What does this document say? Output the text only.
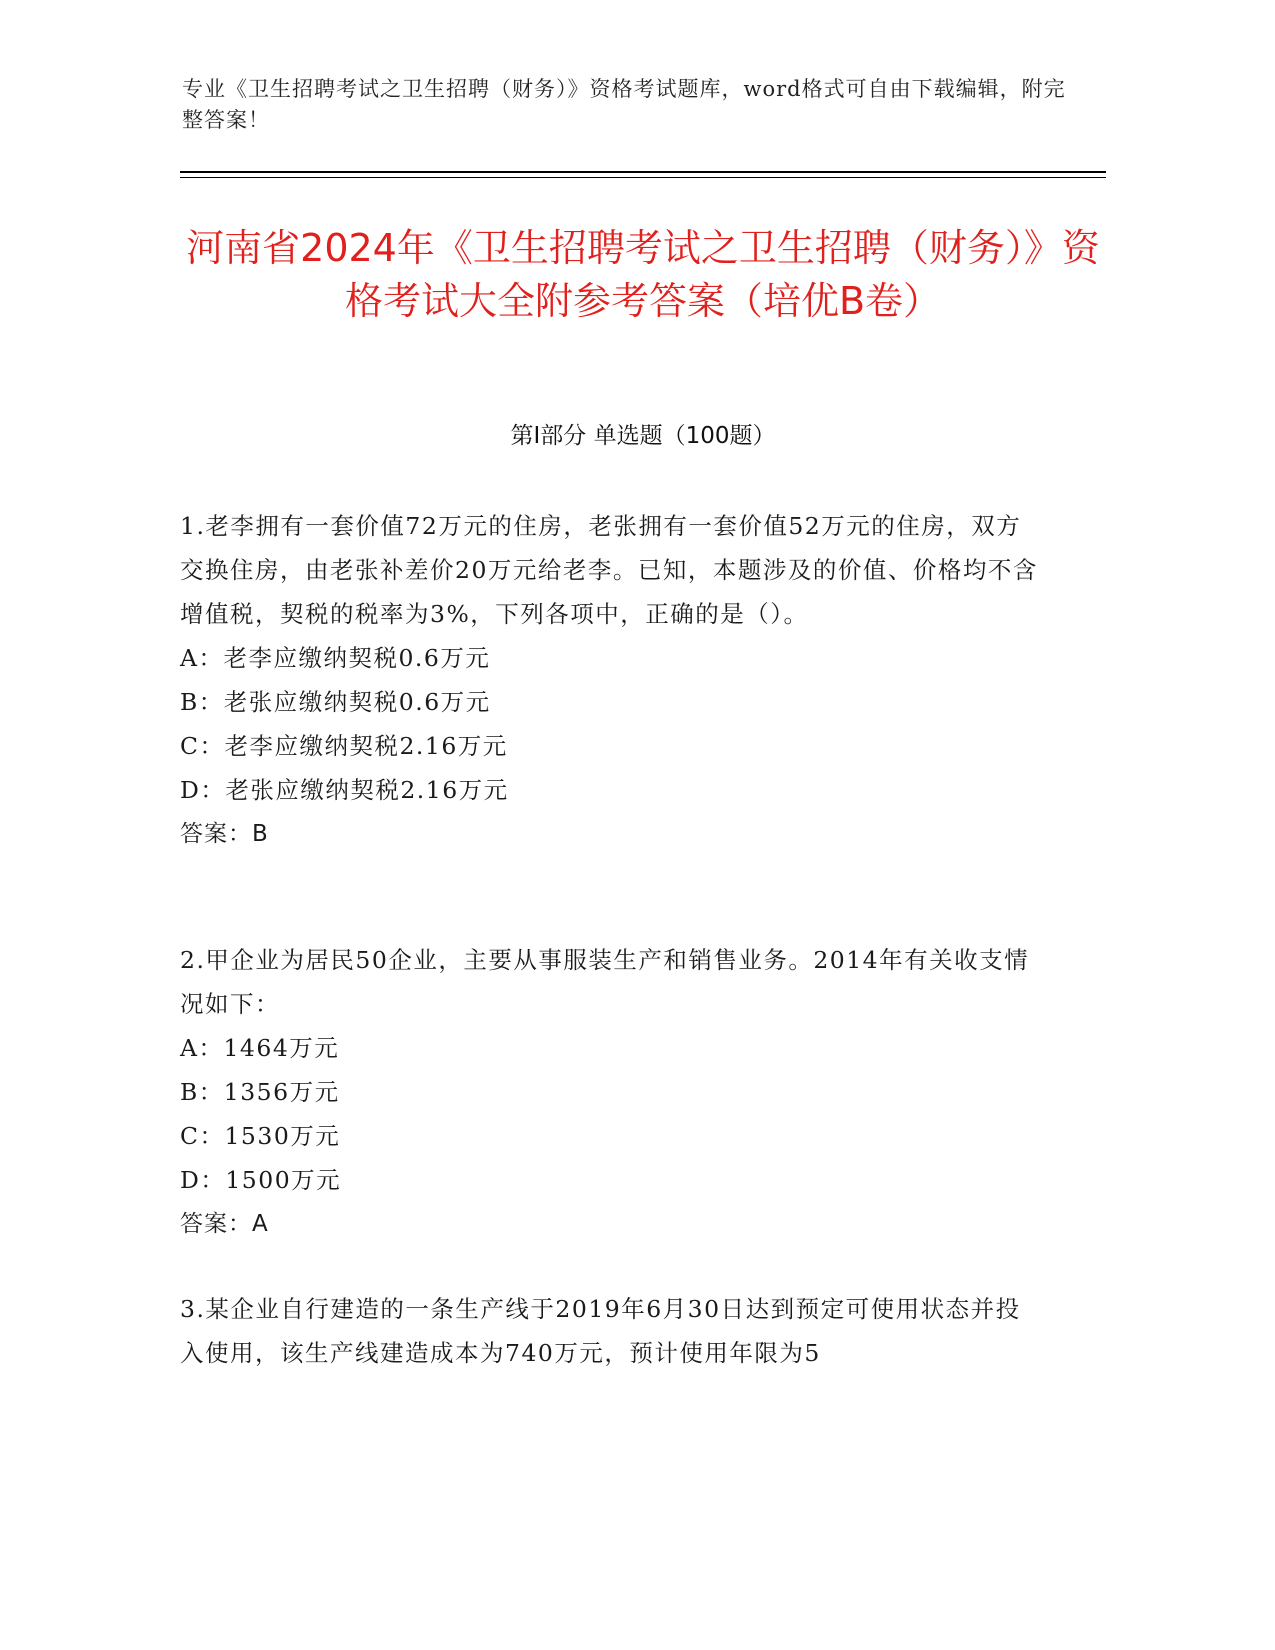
专业《卫生招聘考试之卫生招聘（财务）》资格考试题库，word格式可自由下载编辑，附完整答案！
河南省2024年《卫生招聘考试之卫生招聘（财务）》资格考试大全附参考答案（培优B卷）
第I部分 单选题（100题）

1.老李拥有一套价值72万元的住房，老张拥有一套价值52万元的住房，双方交换住房，由老张补差价20万元给老李。已知，本题涉及的价值、价格均不含增值税，契税的税率为3%，下列各项中，正确的是（）。

A：老李应缴纳契税0.6万元

B：老张应缴纳契税0.6万元

C：老李应缴纳契税2.16万元

D：老张应缴纳契税2.16万元

答案：B

2.甲企业为居民50企业，主要从事服装生产和销售业务。2014年有关收支情况如下：

A：1464万元

B：1356万元

C：1530万元

D：1500万元

答案：A

3.某企业自行建造的一条生产线于2019年6月30日达到预定可使用状态并投入使用，该生产线建造成本为740万元，预计使用年限为5
